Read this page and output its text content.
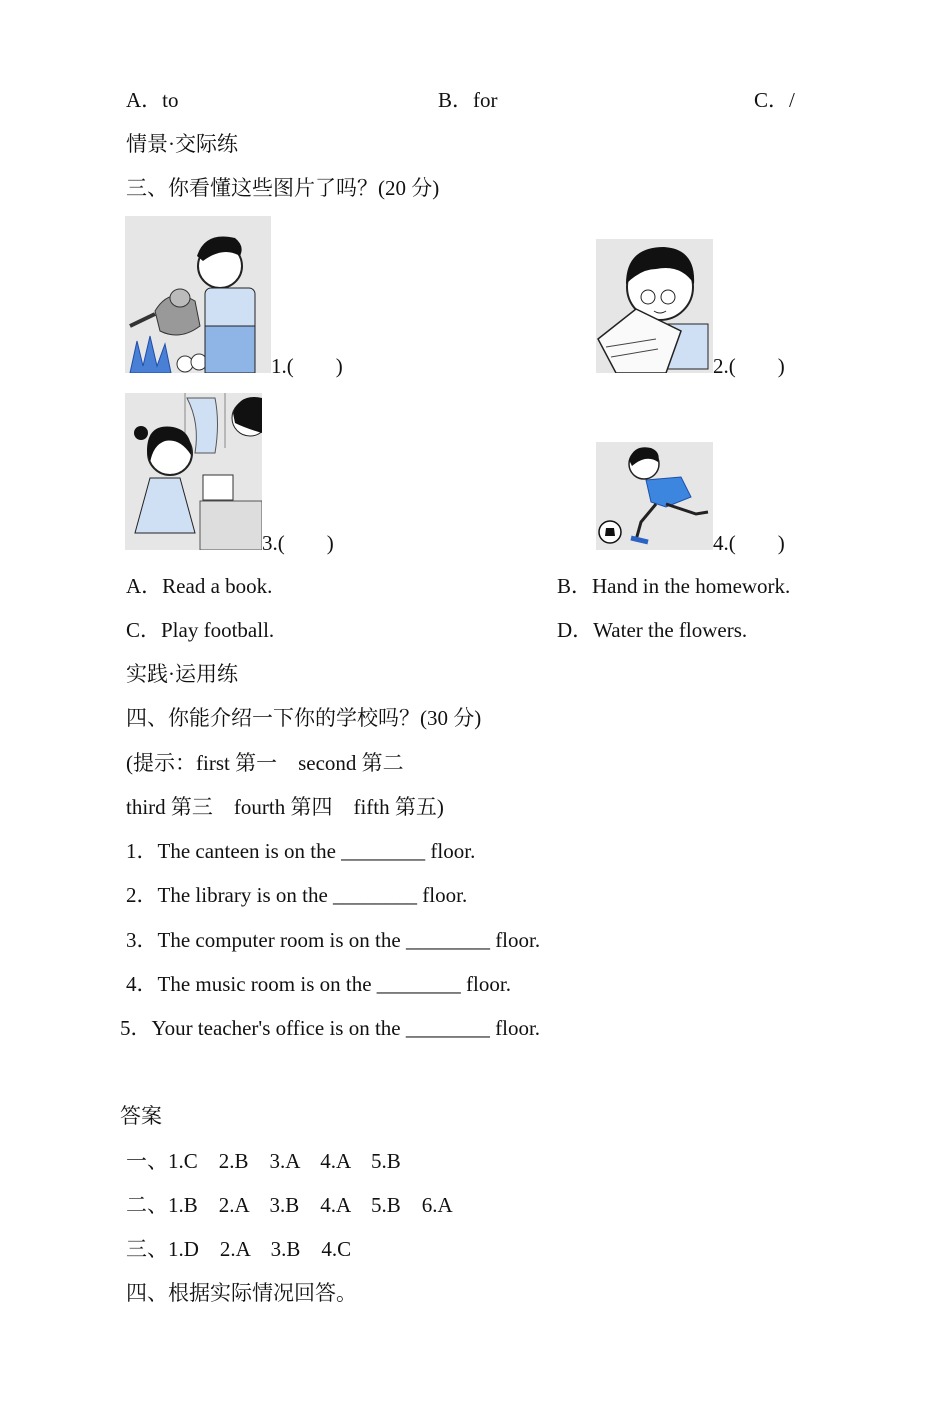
A．to	B．for	C．/
情景·交际练
三、你看懂这些图片了吗？(20 分)
1.(　　)	2.(　　)
3.(　　)	4.(　　)
A．Read a book.	B．Hand in the homework.
C．Play football.	D．Water the flowers.
实践·运用练
四、你能介绍一下你的学校吗？(30 分)
(提示：first 第一　second 第二
third 第三　fourth 第四　fifth 第五)
1．The canteen is on the ________ floor.
2．The library is on the ________ floor.
3．The computer room is on the ________ floor.
4．The music room is on the ________ floor.
5．Your teacher's office is on the ________ floor.
答案
一、1.C　2.B　3.A　4.A　5.B
二、1.B　2.A　3.B　4.A　5.B　6.A
三、1.D　2.A　3.B　4.C
四、根据实际情况回答。
